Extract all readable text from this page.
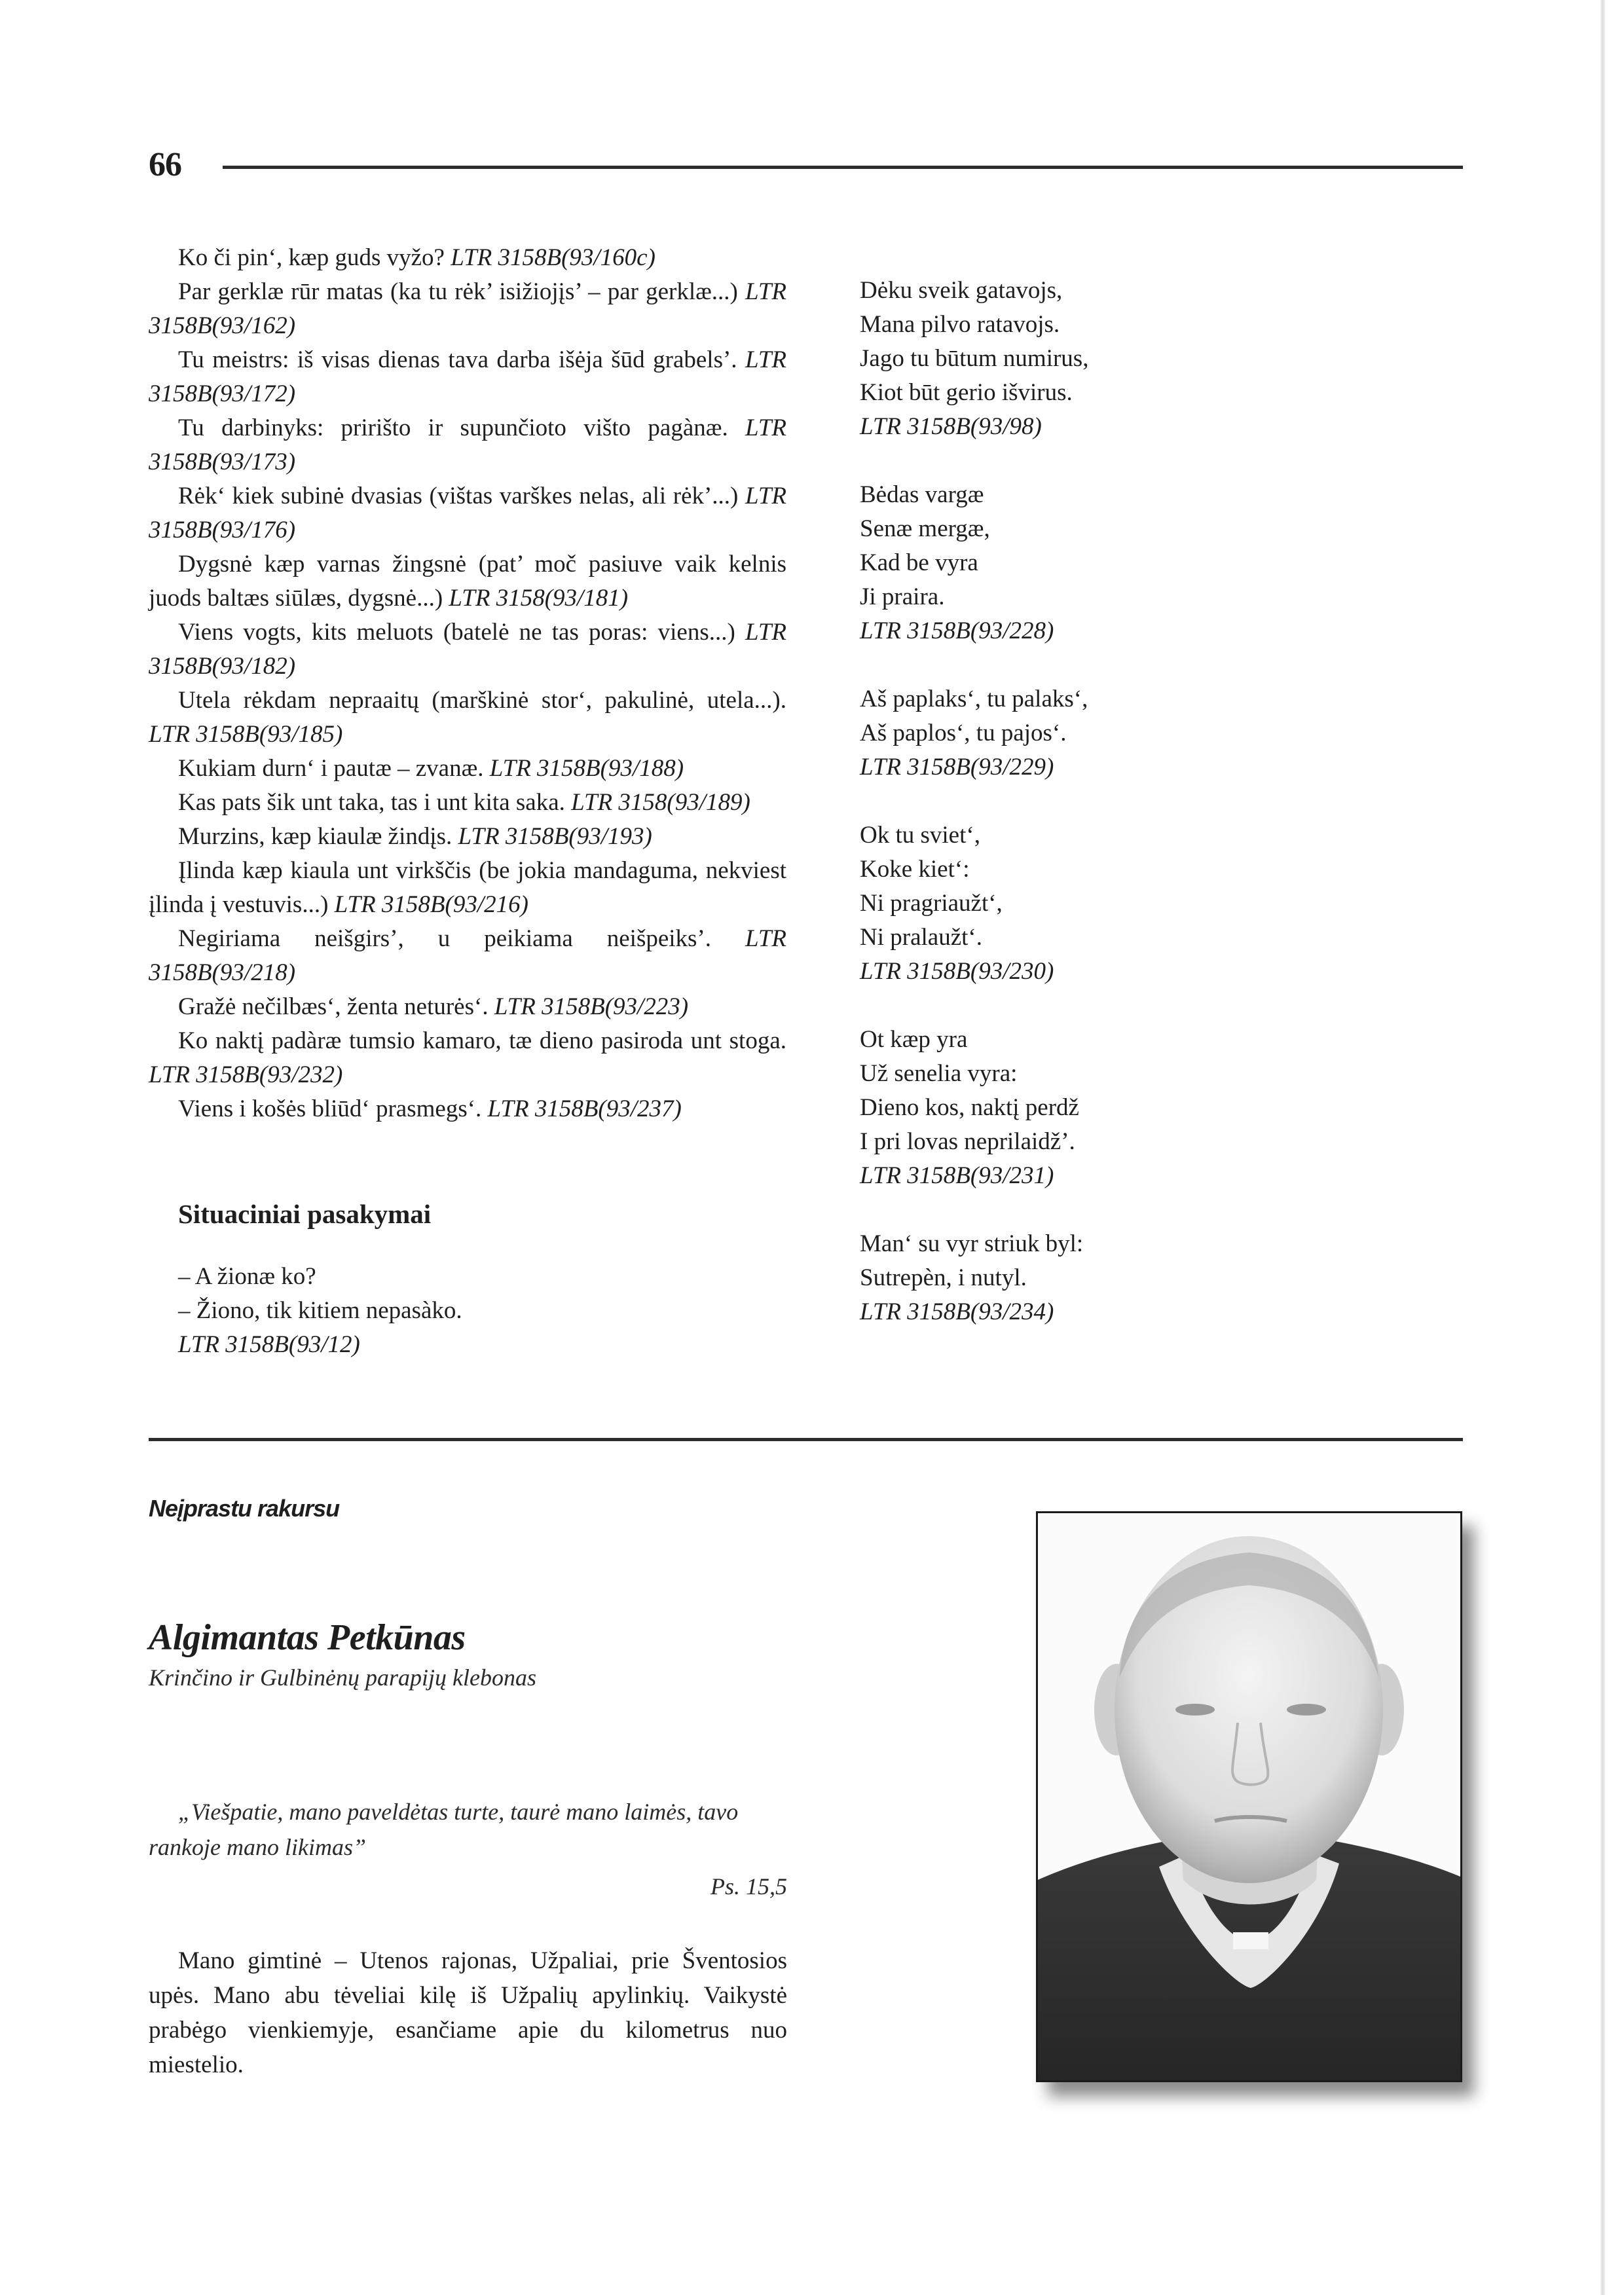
66

Ko či pin‘, kæp guds vyžo? LTR 3158B(93/160c)

Par gerklæ rūr matas (ka tu rėk’ isižiojįs’ – par gerklæ...) LTR 3158B(93/162)

Tu meistrs: iš visas dienas tava darba išėja šūd grabels’. LTR 3158B(93/172)

Tu darbinyks: pririšto ir supunčioto višto pagànæ. LTR 3158B(93/173)

Rėk‘ kiek subinė dvasias (vištas varškes nelas, ali rėk’...) LTR 3158B(93/176)

Dygsnė kæp varnas žingsnė (pat’ moč pasiuve vaik kelnis juods baltæs siūlæs, dygsnė...) LTR 3158(93/181)

Viens vogts, kits meluots (batelė ne tas poras: viens...) LTR 3158B(93/182)

Utela rėkdam nepraaitų (marškinė stor‘, pakulinė, utela...). LTR 3158B(93/185)

Kukiam durn‘ i pautæ – zvanæ. LTR 3158B(93/188)

Kas pats šik unt taka, tas i unt kita saka. LTR 3158(93/189)

Murzins, kæp kiaulæ žindįs. LTR 3158B(93/193)

Įlinda kæp kiaula unt virkščis (be jokia mandaguma, nekviest įlinda į vestuvis...) LTR 3158B(93/216)

Negiriama neišgirs’, u peikiama neišpeiks’. LTR 3158B(93/218)

Gražė nečilbæs‘, ženta neturės‘. LTR 3158B(93/223)

Ko naktį padàræ tumsio kamaro, tæ dieno pasiroda unt stoga. LTR 3158B(93/232)

Viens i košės bliūd‘ prasmegs‘. LTR 3158B(93/237)

Situaciniai pasakymai
– A žionæ ko?
– Žiono, tik kitiem nepasàko.
LTR 3158B(93/12)
Dėku sveik gatavojs,
Mana pilvo ratavojs.
Jago tu būtum numirus,
Kiot būt gerio išvirus.
LTR 3158B(93/98)
Bėdas vargæ
Senæ mergæ,
Kad be vyra
Ji praira.
LTR 3158B(93/228)
Aš paplaks‘, tu palaks‘,
Aš paplos‘, tu pajos‘.
LTR 3158B(93/229)
Ok tu sviet‘,
Koke kiet‘:
Ni pragriaužt‘,
Ni pralaužt‘.
LTR 3158B(93/230)
Ot kæp yra
Už senelia vyra:
Dieno kos, naktį perdž
I pri lovas neprilaidž’.
LTR 3158B(93/231)
Man‘ su vyr striuk byl:
Sutrepèn, i nutyl.
LTR 3158B(93/234)
Neįprastu rakursu
Algimantas Petkūnas
Krinčino ir Gulbinėnų parapijų klebonas

„Viešpatie, mano paveldėtas turte, taurė mano laimės, tavo rankoje mano likimas”

Ps. 15,5

Mano gimtinė – Utenos rajonas, Užpaliai, prie Šventosios upės. Mano abu tėveliai kilę iš Užpalių apylinkių. Vaikystė prabėgo vienkiemyje, esančiame apie du kilometrus nuo miestelio.
